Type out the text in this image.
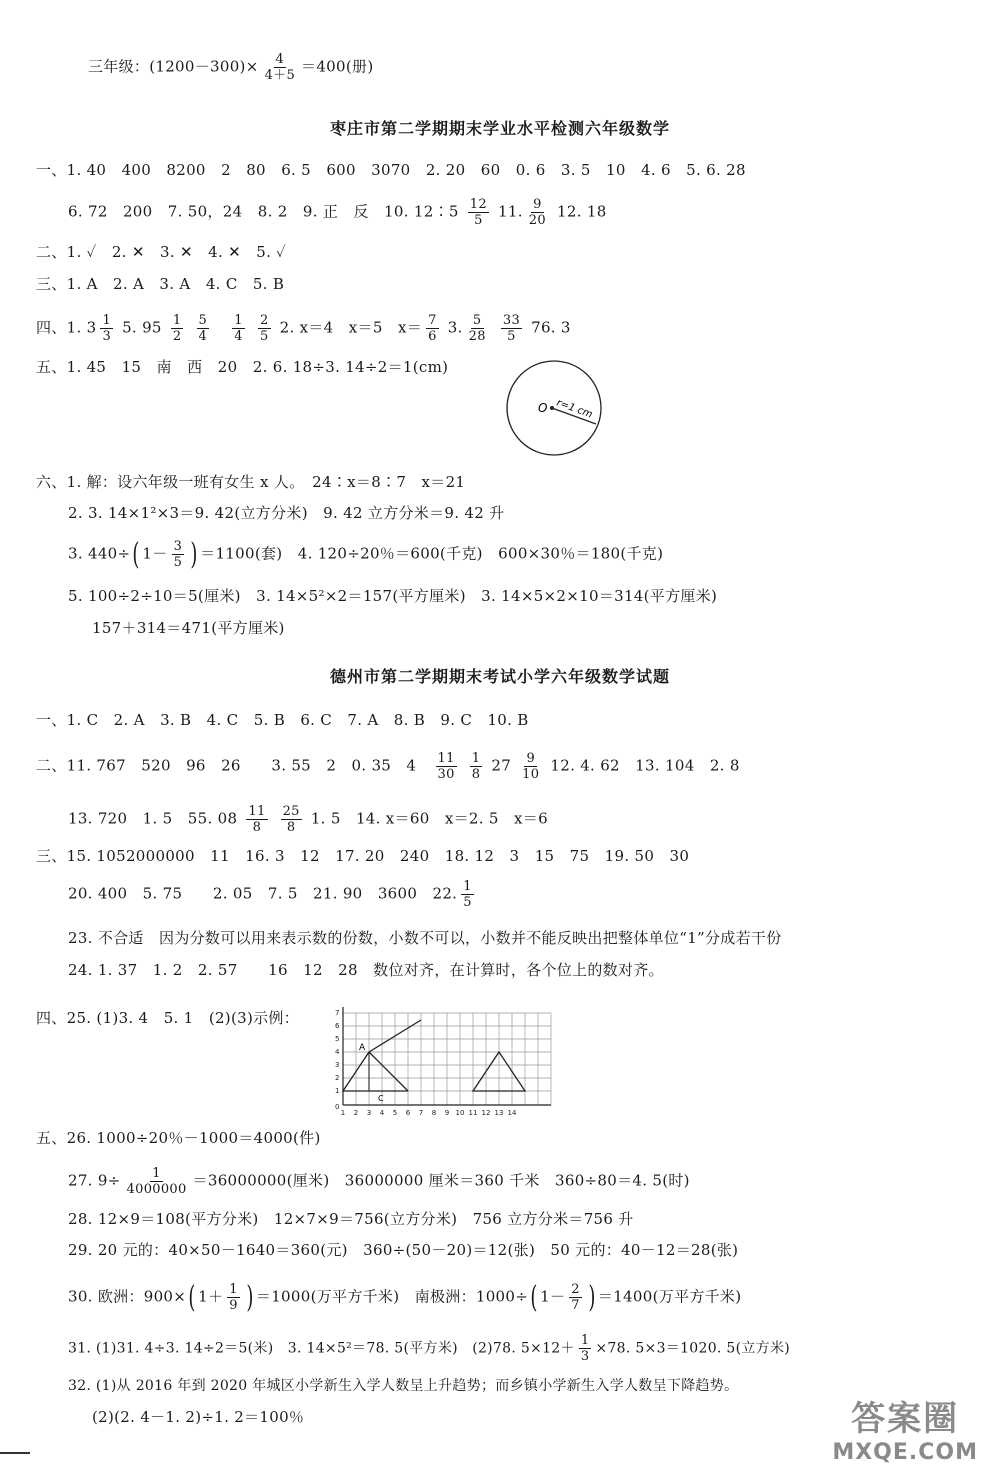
三年级：$(1200-300)\times \frac{4}{4+5} =400$(册)
枣庄市第二学期期末学业水平检测六年级数学
一、1. 40　400　8200　2　80　6. 5　600　3070　2. 20　60　0. 6　3. 5　10　4. 6　5. 6. 28
6. 72　200　7. 50，24　8. 2　9. 正　反　10. 12∶5 $\frac{12}{5} 11$. $\frac{9}{20} 12$. 18
二、1. ✓　2. ✕　3. ✕　4. ✕　5. ✓
三、1. A　2. A　3. A　4. C　5. B
四、1. $3 \frac{1}{3} 5$. $95 \frac{1}{2}$
$\frac{5}{4}$
$\frac{1}{4}$
$\frac{2}{5} 2$. x＝4　x＝5　$x= \frac{7}{6} 3$. $\frac{5}{28}$
$\frac{33}{5} 76$. 3
五、1. 45　15　南　西　20　2. 6. 18÷3. 14÷2＝1(cm)
O r=1 cm
六、1. 解：设六年级一班有女生 x 人。　24∶x＝8∶7　x＝21
2. 3. 14×1²×3＝9. 42(立方分米)　9. 42 立方分米＝9. 42 升
3. 440÷( $1- \frac{3}{5}$ ) ＝1100(套)　4. 120÷20％＝600(千克)　600×30％＝180(千克)
5. 100÷2÷10＝5(厘米)　3. 14×5²×2＝157(平方厘米)　3. 14×5×2×10＝314(平方厘米)
157＋314＝471(平方厘米)
德州市第二学期期末考试小学六年级数学试题
一、1. C　2. A　3. B　4. C　5. B　6. C　7. A　8. B　9. C　10. B
二、11. 767　520　96　26　　3. 55　2　0. 35　$4 \frac{11}{30}$
$\frac{1}{8} 27 \frac{9}{10} 12$. 4. 62　13. 104　2. 8
13. 720　1. 5　55. $08 \frac{11}{8}$
$\frac{25}{8} 1$. 5　14. x＝60　x＝2. 5　x＝6
三、15. 1052000000　11　16. 3　12　17. 20　240　18. 12　3　15　75　19. 50　30
20. 400　5. 75　　2. 05　7. 5　21. 90　3600　22. $\frac{1}{5}$
23. 不合适　因为分数可以用来表示数的份数，小数不可以，小数并不能反映出把整体单位“1”分成若干份
24. 1. 37　1. 2　2. 57　　16　12　28　数位对齐，在计算时，各个位上的数对齐。
四、25. (1)3. 4　5. 1　(2)(3)示例：
A
C
7
6
5
4
3
2
1
0
1 2 3 4 5 6 7 8 9 10 11 12 13 14
五、26. 1000÷20％－1000＝4000(件)
27. $9\div \frac{1}{4000000} =36000000$(厘米)　36000000 厘米＝360 千米　360÷80＝4. 5(时)
28. 12×9＝108(平方分米)　12×7×9＝756(立方分米)　756 立方分米＝756 升
29. 20 元的：40×50－1640＝360(元)　360÷(50－20)＝12(张)　50 元的：40－12＝28(张)
30. 欧洲：900×( $1+ \frac{1}{9}$ ) ＝1000(万平方千米)　南极洲：1000÷( $1- \frac{2}{7}$ ) ＝1400(万平方千米)
31. (1)31. 4÷3. 14÷2＝5(米)　3. 14×5²＝78. 5(平方米)　(2)78. $5\times 12+ \frac{1}{3} \times 78$. 5×3＝1020. 5(立方米)
32. (1)从 2016 年到 2020 年城区小学新生入学人数呈上升趋势；而乡镇小学新生入学人数呈下降趋势。
(2)(2. 4－1. 2)÷1. 2＝100％	答案圈
MXQE.COM
